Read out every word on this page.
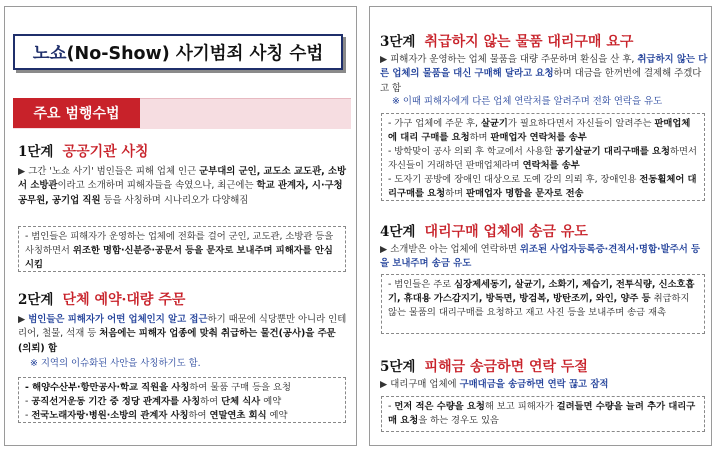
노쇼 (No-Show) 사기범죄 사칭 수법
주요 범행수법
1단계 공공기관 사칭
▶ 그간 '노쇼 사기' 범인들은 피해 업체 인근 군부대의 군인, 교도소 교도관, 소방서 소방관이라고 소개하며 피해자들을 속였으나, 최근에는 학교 관계자, 시·구청 공무원, 공기업 직원 등을 사칭하며 시나리오가 다양해짐
- 범인들은 피해자가 운영하는 업체에 전화를 걸어 군인, 교도관, 소방관 등을 사칭하면서 위조한 명함·신분증·공문서 등을 문자로 보내주며 피해자를 안심시킴
2단계 단체 예약·대량 주문
▶ 범인들은 피해자가 어떤 업체인지 알고 접근하기 때문에 식당뿐만 아니라 인테리어, 철물, 석재 등 처음에는 피해자 업종에 맞춰 취급하는 물건(공사)을 주문(의뢰) 함
※ 지역의 이슈화된 사안을 사칭하기도 함.
- 해양수산부·항만공사·학교 직원을 사칭하여 물품 구매 등을 요청
- 공직선거운동 기간 중 정당 관계자를 사칭하여 단체 식사 예약
- 전국노래자랑·병원·소방의 관계자 사칭하여 연말연초 회식 예약
3단계 취급하지 않는 물품 대리구매 요구
▶ 피해자가 운영하는 업체 물품을 대량 주문하며 환심을 산 후, 취급하지 않는 다른 업체의 물품을 대신 구매해 달라고 요청하며 대금을 한꺼번에 결제해 주겠다고 함
※ 이때 피해자에게 다른 업체 연락처를 알려주며 전화 연락을 유도
- 가구 업체에 주문 후, 살균기가 필요하다면서 자신들이 알려주는 판매업체에 대리 구매를 요청하며 판매업자 연락처를 송부
- 방학맞이 공사 의뢰 후 학교에서 사용할 공기살균기 대리구매를 요청하면서 자신들이 거래하던 판매업체라며 연락처를 송부
- 도자기 공방에 장애인 대상으로 도예 강의 의뢰 후, 장애인용 전동휠체어 대리구매를 요청하며 판매업자 명함을 문자로 전송
4단계 대리구매 업체에 송금 유도
▶ 소개받은 아는 업체에 연락하면 위조된 사업자등록증·견적서·명함·발주서 등을 보내주며 송금 유도
- 범인들은 주로 심장제세동기, 살균기, 소화기, 제습기, 전투식량, 신소호흡기, 휴대용 가스감지기, 방독면, 방검복, 방탄조끼, 와인, 양주 등 취급하지 않는 물품의 대리구매를 요청하고 재고 사진 등을 보내주며 송금 재촉
5단계 피해금 송금하면 연락 두절
▶ 대리구매 업체에 구매대금을 송금하면 연락 끊고 잠적
- 먼저 적은 수량을 요청해 보고 피해자가 걸려들면 수량을 늘려 추가 대리구매 요청을 하는 경우도 있음
